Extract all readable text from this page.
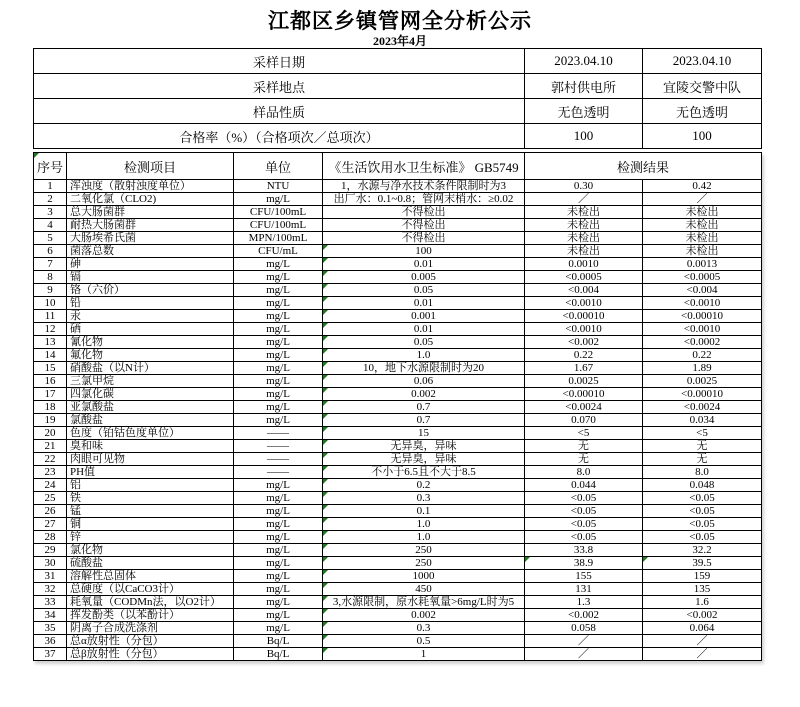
江都区乡镇管网全分析公示
2023年4月
采样日期	2023.04.10	2023.04.10
采样地点	郭村供电所	宜陵交警中队
样品性质	无色透明	无色透明
合格率（%）（合格项次／总项次）	100	100
序号	检测项目	单位	《生活饮用水卫生标准》 GB5749	检测结果	
1	浑浊度（散射浊度单位）	NTU	1，水源与净水技术条件限制时为3	0.30	0.42
2	二氧化氯（CLO2)	mg/L	出厂水：0.1~0.8；管网末梢水：≥0.02	／	／
3	总大肠菌群	CFU/100mL	不得检出	未检出	未检出
4	耐热大肠菌群	CFU/100mL	不得检出	未检出	未检出
5	大肠埃希氏菌	MPN/100mL	不得检出	未检出	未检出
6	菌落总数	CFU/mL	100	未检出	未检出
7	砷	mg/L	0.01	0.0010	0.0013
8	镉	mg/L	0.005	<0.0005	<0.0005
9	铬（六价）	mg/L	0.05	<0.004	<0.004
10	铅	mg/L	0.01	<0.0010	<0.0010
11	汞	mg/L	0.001	<0.00010	<0.00010
12	硒	mg/L	0.01	<0.0010	<0.0010
13	氰化物	mg/L	0.05	<0.002	<0.0002
14	氟化物	mg/L	1.0	0.22	0.22
15	硝酸盐（以N计）	mg/L	10，地下水源限制时为20	1.67	1.89
16	三氯甲烷	mg/L	0.06	0.0025	0.0025
17	四氯化碳	mg/L	0.002	<0.00010	<0.00010
18	亚氯酸盐	mg/L	0.7	<0.0024	<0.0024
19	氯酸盐	mg/L	0.7	0.070	0.034
20	色度（铂钴色度单位）	——	15	<5	<5
21	臭和味	——	无异臭，异味	无	无
22	肉眼可见物	——	无异臭，异味	无	无
23	PH值	——	不小于6.5且不大于8.5	8.0	8.0
24	铝	mg/L	0.2	0.044	0.048
25	铁	mg/L	0.3	<0.05	<0.05
26	锰	mg/L	0.1	<0.05	<0.05
27	铜	mg/L	1.0	<0.05	<0.05
28	锌	mg/L	1.0	<0.05	<0.05
29	氯化物	mg/L	250	33.8	32.2
30	硫酸盐	mg/L	250	38.9	39.5
31	溶解性总固体	mg/L	1000	155	159
32	总硬度（以CaCO3计）	mg/L	450	131	135
33	耗氧量（CODMn法，以O2计）	mg/L	3,水源限制，原水耗氧量>6mg/L时为5	1.3	1.6
34	挥发酚类（以苯酚计）	mg/L	0.002	<0.002	<0.002
35	阴离子合成洗涤剂	mg/L	0.3	0.058	0.064
36	总α放射性（分包）	Bq/L	0.5	／	／
37	总β放射性（分包）	Bq/L	1	／	／
